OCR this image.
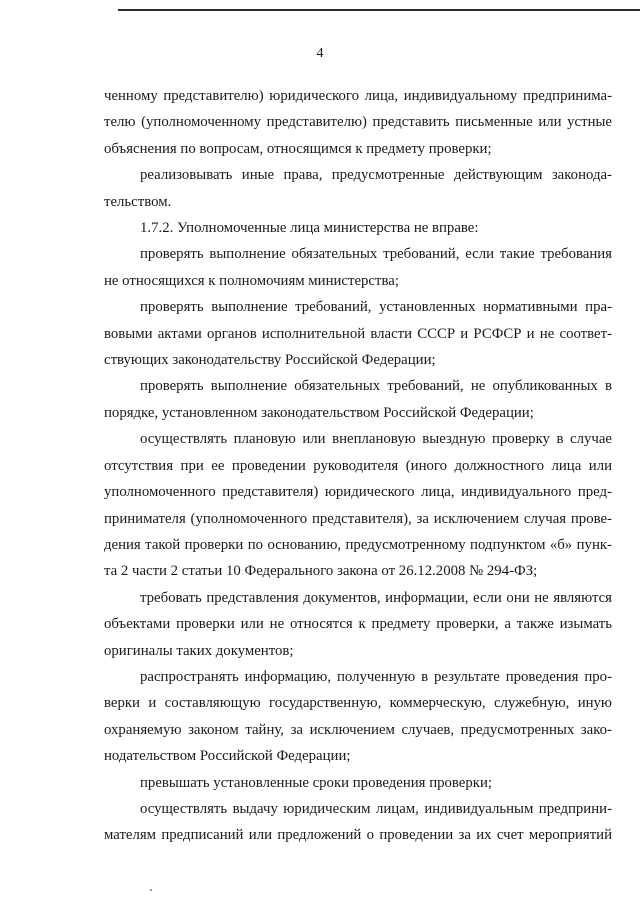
4
ченному представителю) юридического лица, индивидуальному предпринима-
телю (уполномоченному представителю) представить письменные или устные
объяснения по вопросам, относящимся к предмету проверки;
реализовывать иные права, предусмотренные действующим законода-
тельством.
1.7.2. Уполномоченные лица министерства не вправе:
проверять выполнение обязательных требований, если такие требования
не относящихся к полномочиям министерства;
проверять выполнение требований, установленных нормативными пра-
вовыми актами органов исполнительной власти СССР и РСФСР и не соответ-
ствующих законодательству Российской Федерации;
проверять выполнение обязательных требований, не опубликованных в
порядке, установленном законодательством Российской Федерации;
осуществлять плановую или внеплановую выездную проверку в случае
отсутствия при ее проведении руководителя (иного должностного лица или
уполномоченного представителя) юридического лица, индивидуального пред-
принимателя (уполномоченного представителя), за исключением случая прове-
дения такой проверки по основанию, предусмотренному подпунктом «б» пунк-
та 2 части 2 статьи 10 Федерального закона от 26.12.2008 № 294-ФЗ;
требовать представления документов, информации, если они не являются
объектами проверки или не относятся к предмету проверки, а также изымать
оригиналы таких документов;
распространять информацию, полученную в результате проведения про-
верки и составляющую государственную, коммерческую, служебную, иную
охраняемую законом тайну, за исключением случаев, предусмотренных зако-
нодательством Российской Федерации;
превышать установленные сроки проведения проверки;
осуществлять выдачу юридическим лицам, индивидуальным предприни-
мателям предписаний или предложений о проведении за их счет мероприятий
